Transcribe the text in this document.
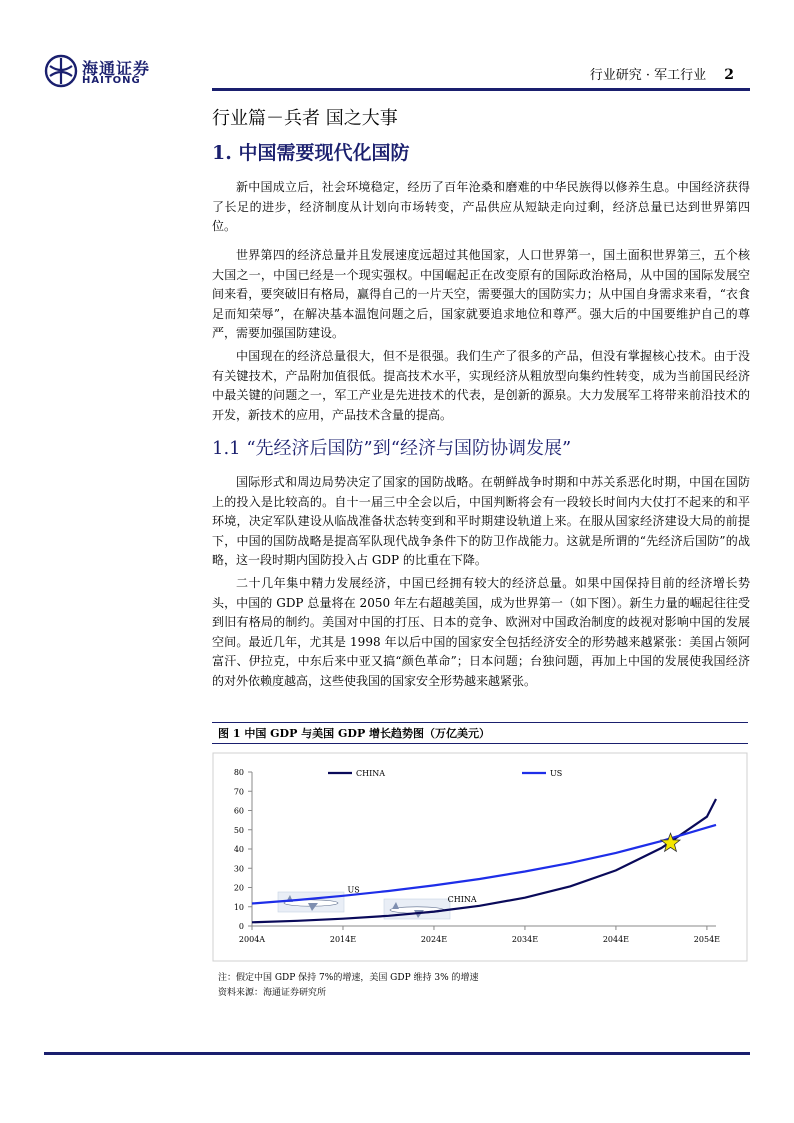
海通证券
HAITONG	行业研究 · 军工行业 2
行业篇－兵者 国之大事
1. 中国需要现代化国防

新中国成立后，社会环境稳定，经历了百年沧桑和磨难的中华民族得以修养生息。中国经济获得了长足的进步，经济制度从计划向市场转变，产品供应从短缺走向过剩，经济总量已达到世界第四位。

世界第四的经济总量并且发展速度远超过其他国家，人口世界第一，国土面积世界第三，五个核大国之一，中国已经是一个现实强权。中国崛起正在改变原有的国际政治格局，从中国的国际发展空间来看，要突破旧有格局，赢得自己的一片天空，需要强大的国防实力；从中国自身需求来看，“衣食足而知荣辱”，在解决基本温饱问题之后，国家就要追求地位和尊严。强大后的中国要维护自己的尊严，需要加强国防建设。

中国现在的经济总量很大，但不是很强。我们生产了很多的产品，但没有掌握核心技术。由于没有关键技术，产品附加值很低。提高技术水平，实现经济从粗放型向集约性转变，成为当前国民经济中最关键的问题之一，军工产业是先进技术的代表，是创新的源泉。大力发展军工将带来前沿技术的开发，新技术的应用，产品技术含量的提高。

1.1 “先经济后国防”到“经济与国防协调发展”

国际形式和周边局势决定了国家的国防战略。在朝鲜战争时期和中苏关系恶化时期，中国在国防上的投入是比较高的。自十一届三中全会以后，中国判断将会有一段较长时间内大仗打不起来的和平环境，决定军队建设从临战准备状态转变到和平时期建设轨道上来。在服从国家经济建设大局的前提下，中国的国防战略是提高军队现代战争条件下的防卫作战能力。这就是所谓的“先经济后国防”的战略，这一段时期内国防投入占 GDP 的比重在下降。

二十几年集中精力发展经济，中国已经拥有较大的经济总量。如果中国保持目前的经济增长势头，中国的 GDP 总量将在 2050 年左右超越美国，成为世界第一（如下图）。新生力量的崛起往往受到旧有格局的制约。美国对中国的打压、日本的竞争、欧洲对中国政治制度的歧视对影响中国的发展空间。最近几年，尤其是 1998 年以后中国的国家安全包括经济安全的形势越来越紧张：美国占领阿富汗、伊拉克，中东后来中亚又搞“颜色革命”；日本问题；台独问题，再加上中国的发展使我国经济的对外依赖度越高，这些使我国的国家安全形势越来越紧张。

图 1 中国 GDP 与美国 GDP 增长趋势图（万亿美元）
0
10
20
30
40
50
60
70
80
2004A	2014E	2024E	2034E	2044E	2054E
CHINA	US
US
CHINA
注：假定中国 GDP 保持 7%的增速，美国 GDP 维持 3% 的增速
资料来源：海通证券研究所
